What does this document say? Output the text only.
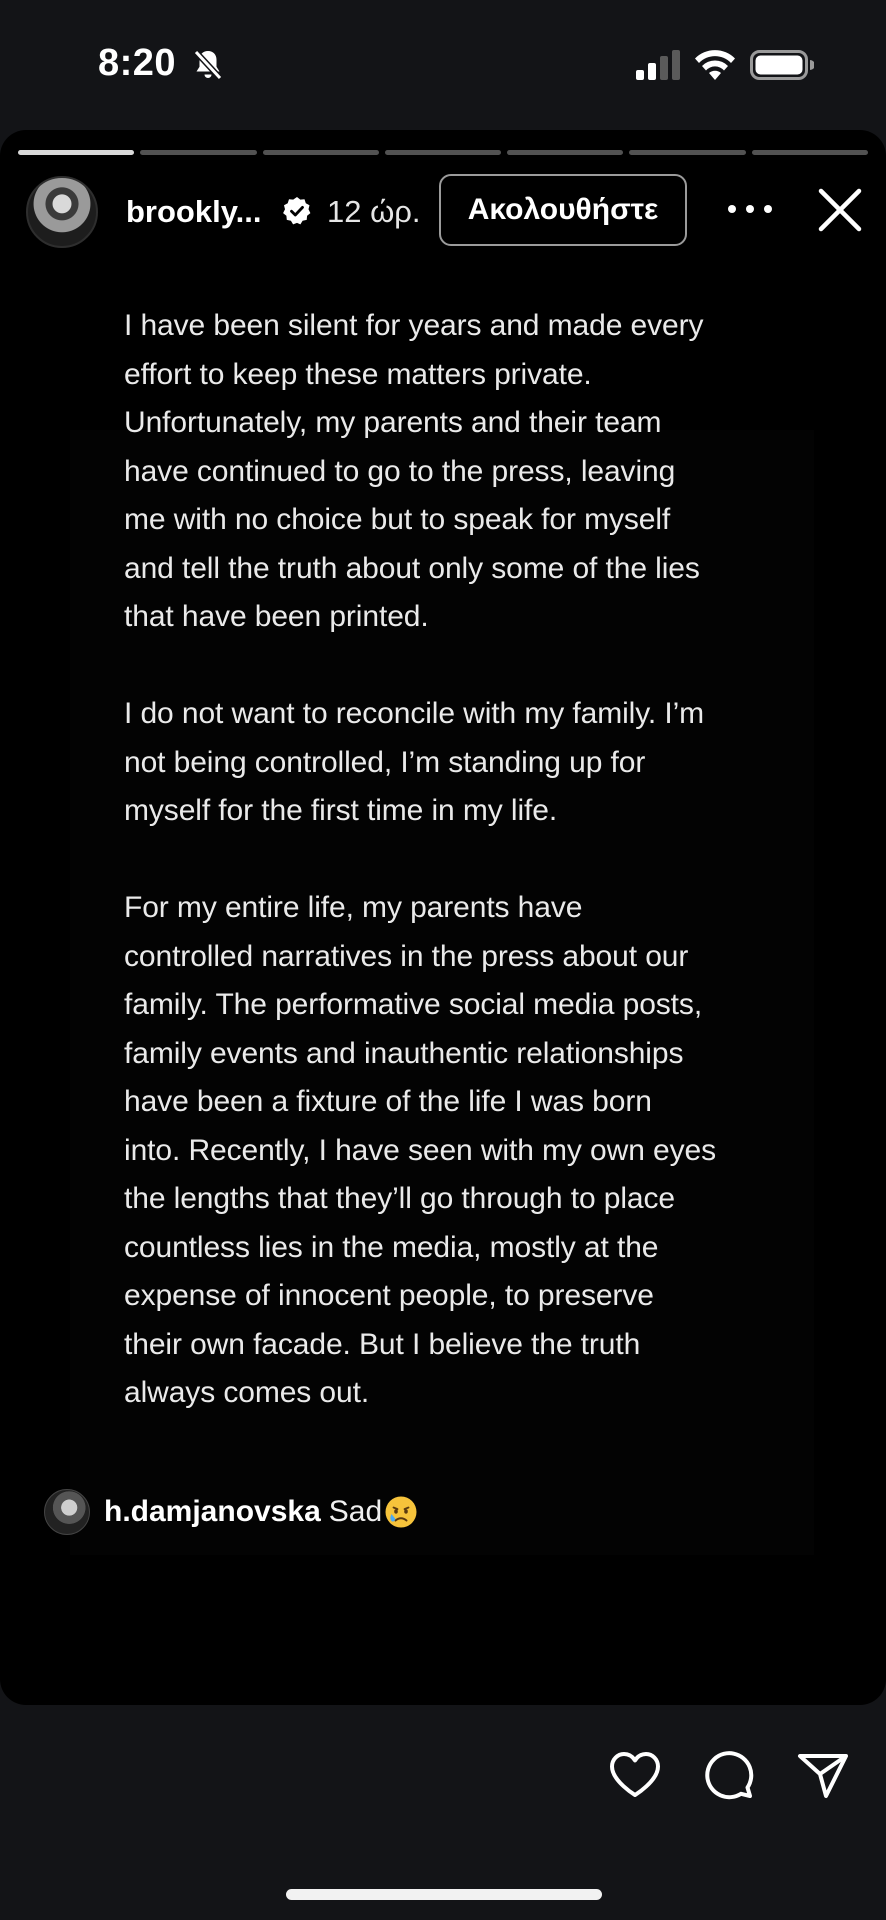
8:20
brookly... 12 ώρ.	Ακολουθήστε
I have been silent for years and made every
effort to keep these matters private.
Unfortunately, my parents and their team
have continued to go to the press, leaving
me with no choice but to speak for myself
and tell the truth about only some of the lies
that have been printed.
I do not want to reconcile with my family. I’m
not being controlled, I’m standing up for
myself for the first time in my life.
For my entire life, my parents have
controlled narratives in the press about our
family. The performative social media posts,
family events and inauthentic relationships
have been a fixture of the life I was born
into. Recently, I have seen with my own eyes
the lengths that they’ll go through to place
countless lies in the media, mostly at the
expense of innocent people, to preserve
their own facade. But I believe the truth
always comes out.
h.damjanovska Sad
